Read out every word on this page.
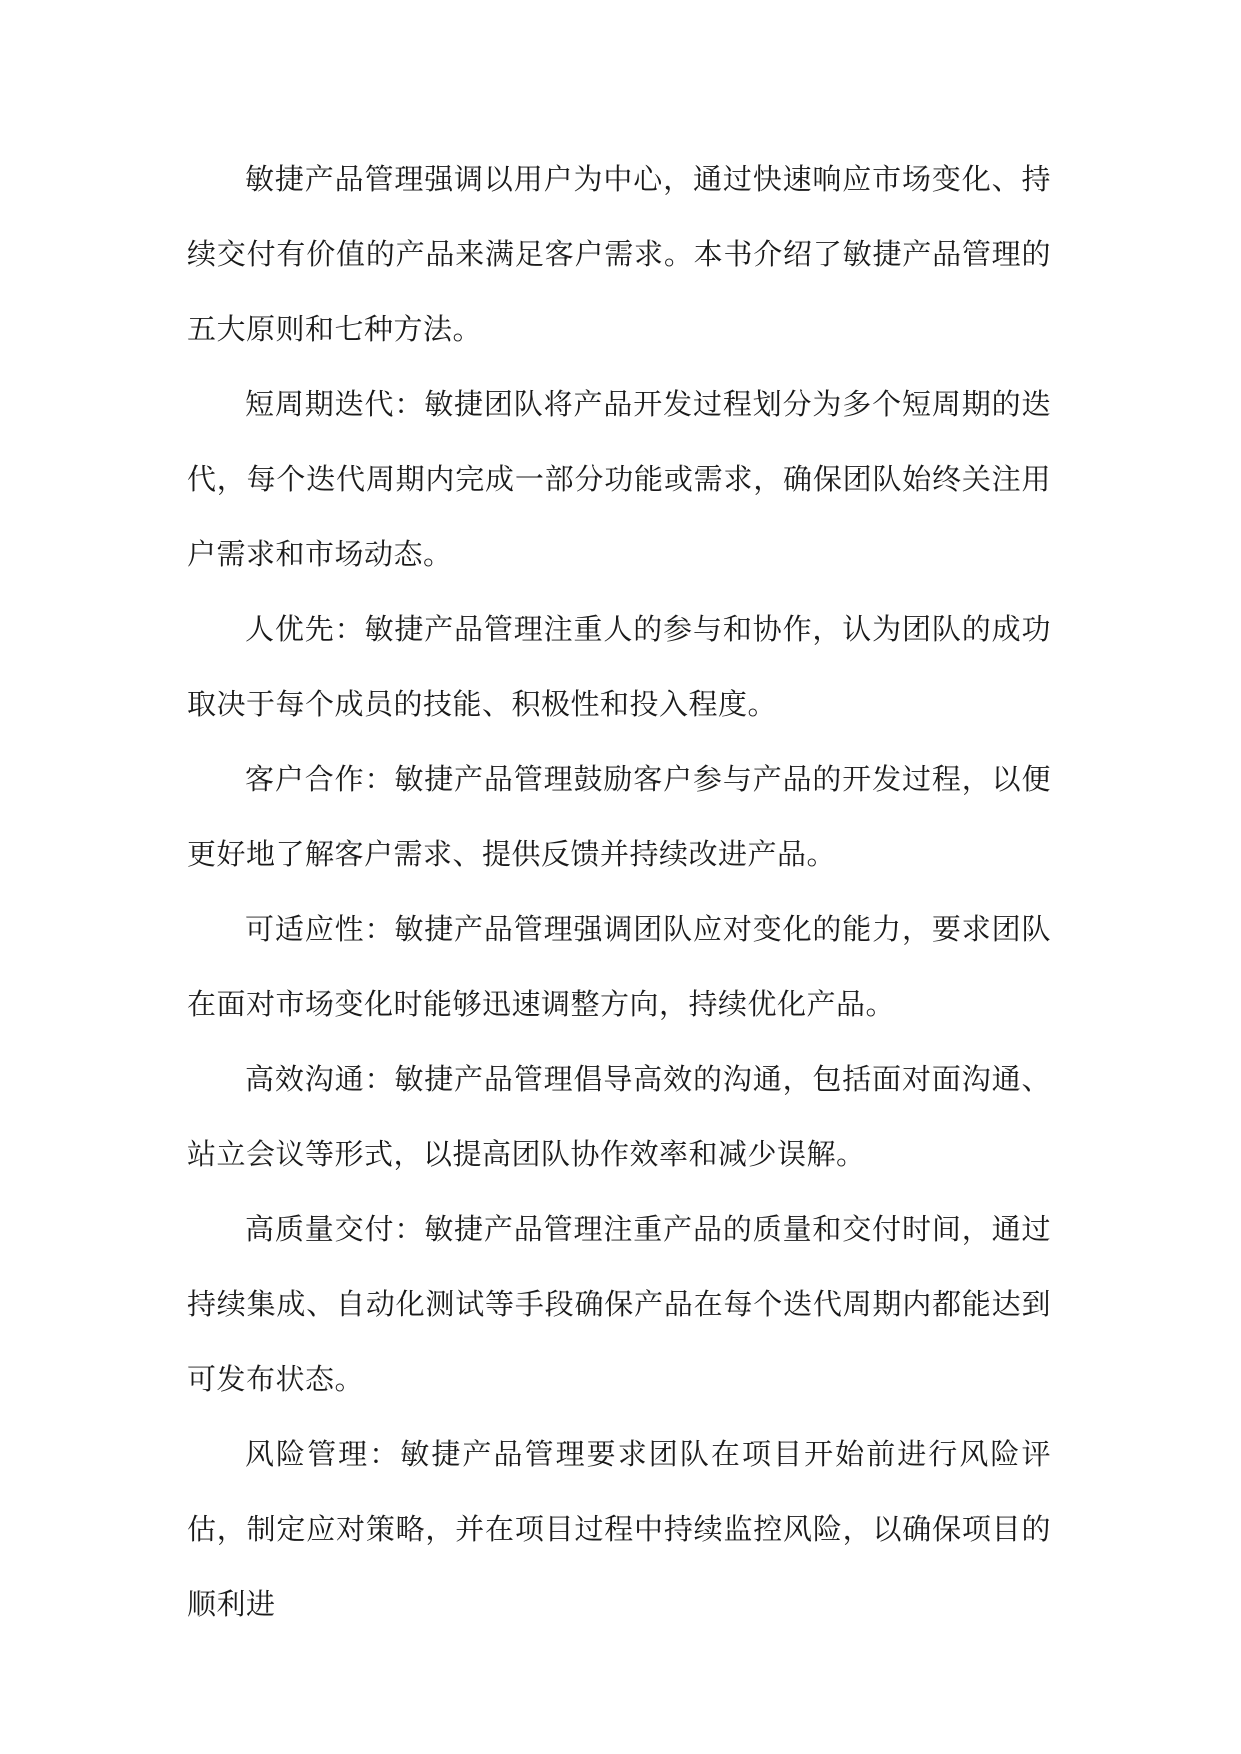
敏捷产品管理强调以用户为中心，通过快速响应市场变化、持续交付有价值的产品来满足客户需求。本书介绍了敏捷产品管理的五大原则和七种方法。

短周期迭代：敏捷团队将产品开发过程划分为多个短周期的迭代，每个迭代周期内完成一部分功能或需求，确保团队始终关注用户需求和市场动态。

人优先：敏捷产品管理注重人的参与和协作，认为团队的成功取决于每个成员的技能、积极性和投入程度。

客户合作：敏捷产品管理鼓励客户参与产品的开发过程，以便更好地了解客户需求、提供反馈并持续改进产品。

可适应性：敏捷产品管理强调团队应对变化的能力，要求团队在面对市场变化时能够迅速调整方向，持续优化产品。

高效沟通：敏捷产品管理倡导高效的沟通，包括面对面沟通、站立会议等形式，以提高团队协作效率和减少误解。

高质量交付：敏捷产品管理注重产品的质量和交付时间，通过持续集成、自动化测试等手段确保产品在每个迭代周期内都能达到可发布状态。

风险管理：敏捷产品管理要求团队在项目开始前进行风险评估，制定应对策略，并在项目过程中持续监控风险，以确保项目的顺利进
